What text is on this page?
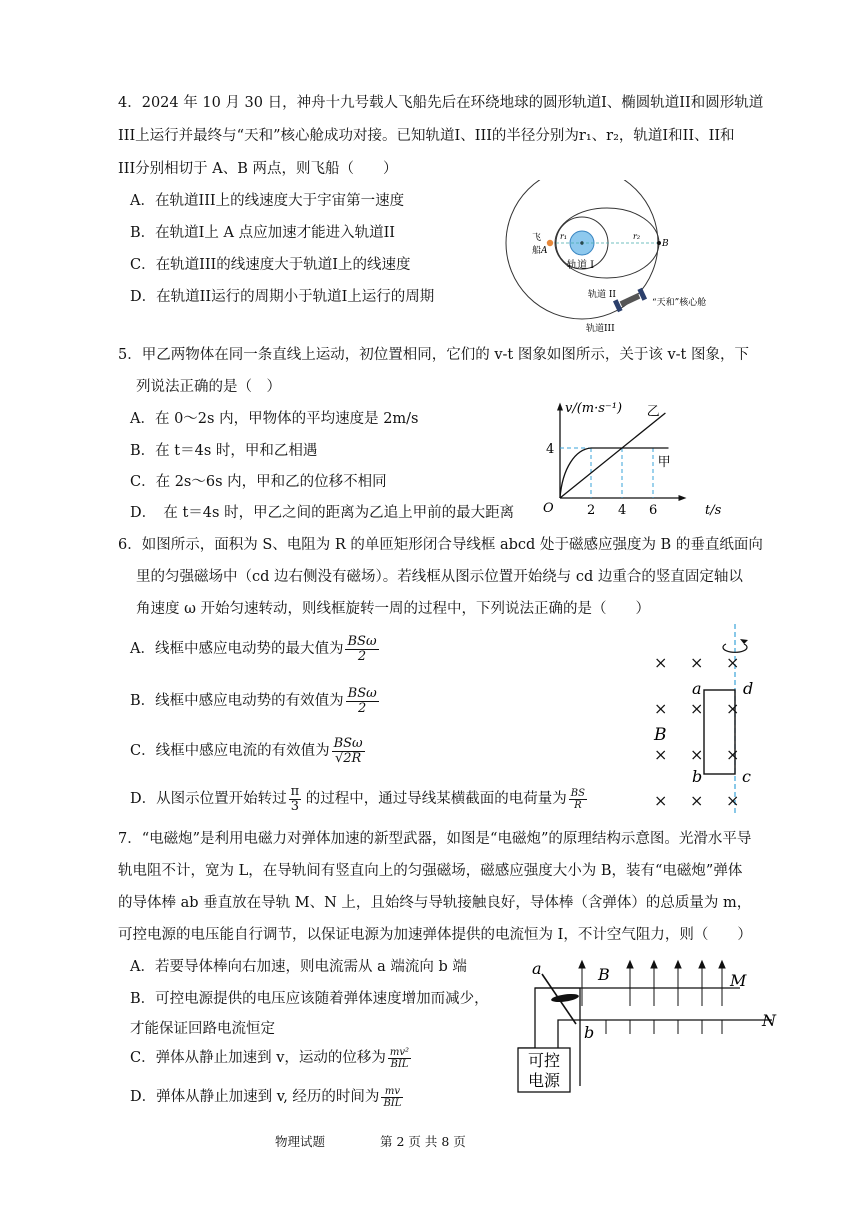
4．2024 年 10 月 30 日，神舟十九号载人飞船先后在环绕地球的圆形轨道I、椭圆轨道II和圆形轨道
III上运行并最终与“天和”核心舱成功对接。已知轨道I、III的半径分别为r₁、r₂，轨道I和II、II和
III分别相切于 A、B 两点，则飞船（　　）
A．在轨道III上的线速度大于宇宙第一速度
B．在轨道I上 A 点应加速才能进入轨道II
C．在轨道III的线速度大于轨道I上的线速度
D．在轨道II运行的周期小于轨道I上运行的周期
飞
船 A
B
r₁	r₂
轨道 I
轨道 II
轨道III
“天和”核心舱
5．甲乙两物体在同一条直线上运动，初位置相同，它们的 v-t 图象如图所示，关于该 v-t 图象，下
列说法正确的是（　）
A．在 0～2s 内，甲物体的平均速度是 2m/s
B．在 t＝4s 时，甲和乙相遇
C．在 2s～6s 内，甲和乙的位移不相同
D．　在 t＝4s 时，甲乙之间的距离为乙追上甲前的最大距离	2 4 6
4
v/(m·s⁻¹)
t/s
O
甲
乙
6．如图所示，面积为 S、电阻为 R 的单匝矩形闭合导线框 abcd 处于磁感应强度为 B 的垂直纸面向
里的匀强磁场中（cd 边右侧没有磁场）。若线框从图示位置开始绕与 cd 边重合的竖直固定轴以
角速度 ω 开始匀速转动，则线框旋转一周的过程中，下列说法正确的是（　　）
A．线框中感应电动势的最大值为 $\frac{\text{BSω}}{2}$
B．线框中感应电动势的有效值为 $\frac{\text{BSω}}{2}$
C．线框中感应电流的有效值为 $\frac{\text{BSω}}{√2R}$
D．从图示位置开始转过 $\frac{\pi}{3}$ 的过程中，通过导线某横截面的电荷量为 $\frac{BS}{R}$
× × ×
× × ×
× × ×
× × ×
a	d
b c
B
7．“电磁炮”是利用电磁力对弹体加速的新型武器，如图是“电磁炮”的原理结构示意图。光滑水平导
轨电阻不计，宽为 L，在导轨间有竖直向上的匀强磁场，磁感应强度大小为 B，装有“电磁炮”弹体
的导体棒 ab 垂直放在导轨 M、N 上，且始终与导轨接触良好，导体棒（含弹体）的总质量为 m，
可控电源的电压能自行调节，以保证电源为加速弹体提供的电流恒为 I，不计空气阻力，则（　　）
A．若要导体棒向右加速，则电流需从 a 端流向 b 端
B．可控电源提供的电压应该随着弹体速度增加而减少，
才能保证回路电流恒定
C．弹体从静止加速到 v，运动的位移为 $\frac{\text{mv²}}{\text{BIL}}$
D．弹体从静止加速到 v, 经历的时间为 $\frac{mv}{\text{BIL}}$
可控
电源
a
b
B	M
N
物理试题	第 2 页 共 8 页
